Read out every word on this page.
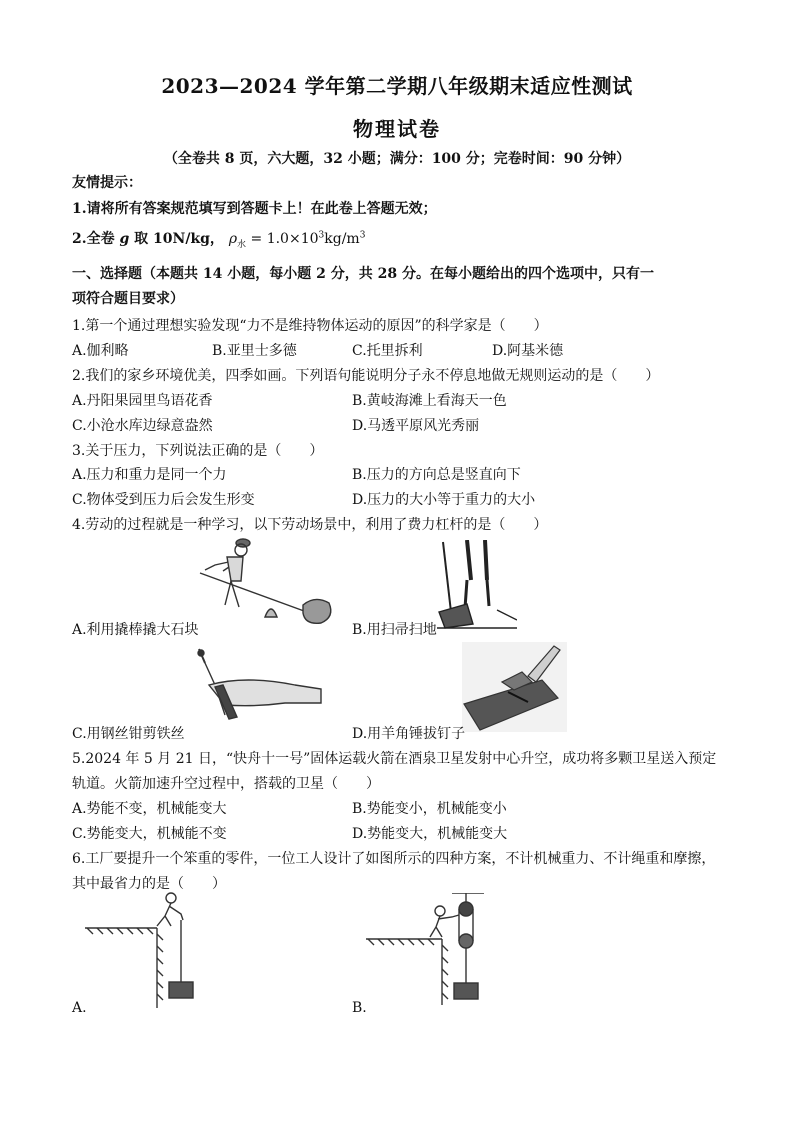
2023—2024 学年第二学期八年级期末适应性测试
物理试卷
（全卷共 8 页，六大题，32 小题；满分：100 分；完卷时间：90 分钟）
友情提示：
1.请将所有答案规范填写到答题卡上！在此卷上答题无效；
2.全卷 g 取 10N/kg， $\rho_水 = 1.0\times 10^3kg/m^3$
一、选择题（本题共 14 小题，每小题 2 分，共 28 分。在每小题给出的四个选项中，只有一
项符合题目要求）
1.第一个通过理想实验发现“力不是维持物体运动的原因”的科学家是（　　）
A.伽利略	B.亚里士多德	C.托里拆利	D.阿基米德
2.我们的家乡环境优美，四季如画。下列语句能说明分子永不停息地做无规则运动的是（　　）
A.丹阳果园里鸟语花香	B.黄岐海滩上看海天一色
C.小沧水库边绿意盎然	D.马透平原风光秀丽
3.关于压力，下列说法正确的是（　　）
A.压力和重力是同一个力	B.压力的方向总是竖直向下
C.物体受到压力后会发生形变	D.压力的大小等于重力的大小
4.劳动的过程就是一种学习，以下劳动场景中，利用了费力杠杆的是（　　）
A.利用撬棒撬大石块	B.用扫帚扫地
C.用钢丝钳剪铁丝	D.用羊角锤拔钉子
5.2024 年 5 月 21 日，“快舟十一号”固体运载火箭在酒泉卫星发射中心升空，成功将多颗卫星送入预定
轨道。火箭加速升空过程中，搭载的卫星（　　）
A.势能不变，机械能变大	B.势能变小，机械能变小
C.势能变大，机械能不变	D.势能变大，机械能变大
6.工厂要提升一个笨重的零件，一位工人设计了如图所示的四种方案，不计机械重力、不计绳重和摩擦，
其中最省力的是（　　）
A.	B.
